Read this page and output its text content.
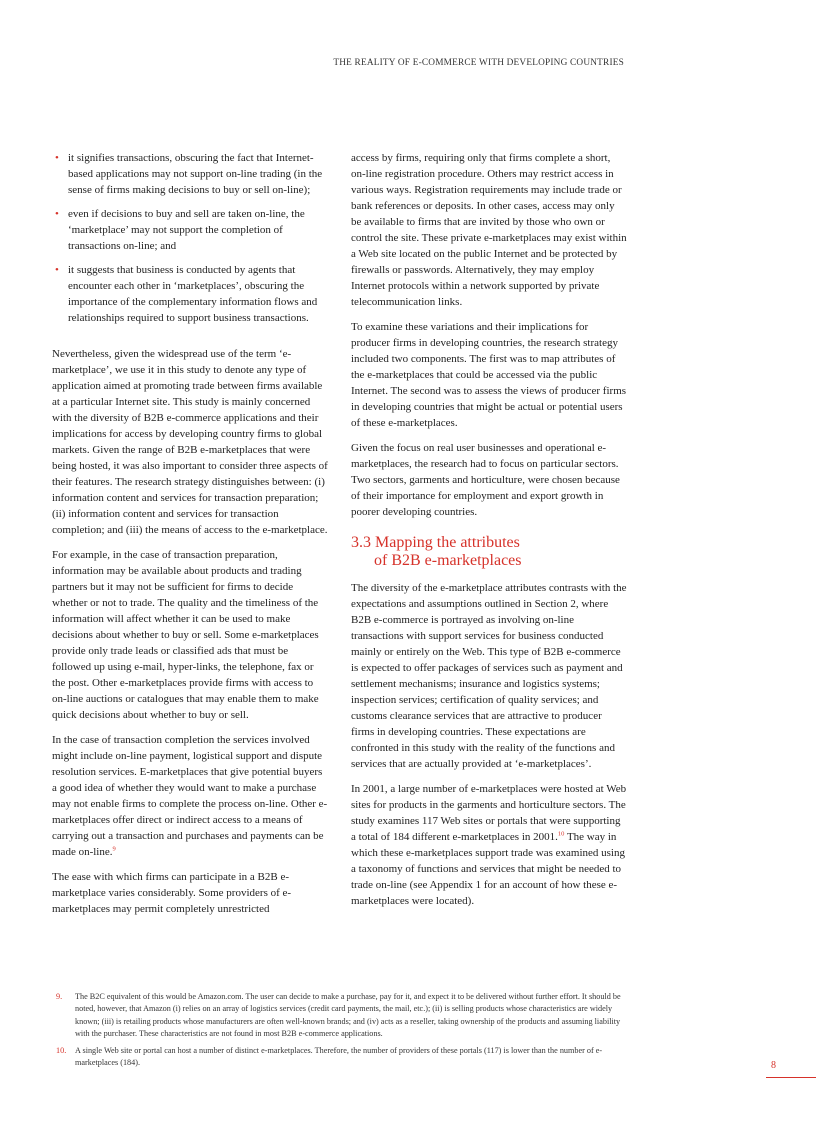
THE REALITY OF E-COMMERCE WITH DEVELOPING COUNTRIES
• it signifies transactions, obscuring the fact that Internet-based applications may not support on-line trading (in the sense of firms making decisions to buy or sell on-line);
• even if decisions to buy and sell are taken on-line, the ‘marketplace’ may not support the completion of transactions on-line; and
• it suggests that business is conducted by agents that encounter each other in ‘marketplaces’, obscuring the importance of the complementary information flows and relationships required to support business transactions.

Nevertheless, given the widespread use of the term ‘e-marketplace’, we use it in this study to denote any type of application aimed at promoting trade between firms available at a particular Internet site. This study is mainly concerned with the diversity of B2B e-commerce applications and their implications for access by developing country firms to global markets. Given the range of B2B e-marketplaces that were being hosted, it was also important to consider three aspects of their features. The research strategy distinguishes between: (i) information content and services for transaction preparation; (ii) information content and services for transaction completion; and (iii) the means of access to the e-marketplace.

For example, in the case of transaction preparation, information may be available about products and trading partners but it may not be sufficient for firms to decide whether or not to trade. The quality and the timeliness of the information will affect whether it can be used to make decisions about whether to buy or sell. Some e-marketplaces provide only trade leads or classified ads that must be followed up using e-mail, hyper-links, the telephone, fax or the post. Other e-marketplaces provide firms with access to on-line auctions or catalogues that may enable them to make quick decisions about whether to buy or sell.

In the case of transaction completion the services involved might include on-line payment, logistical support and dispute resolution services. E-marketplaces that give potential buyers a good idea of whether they would want to make a purchase may not enable firms to complete the process on-line. Other e-marketplaces offer direct or indirect access to a means of carrying out a transaction and purchases and payments can be made on-line.$^9$

The ease with which firms can participate in a B2B e-marketplace varies considerably. Some providers of e-marketplaces may permit completely unrestricted

access by firms, requiring only that firms complete a short, on-line registration procedure. Others may restrict access in various ways. Registration requirements may include trade or bank references or deposits. In other cases, access may only be available to firms that are invited by those who own or control the site. These private e-marketplaces may exist within a Web site located on the public Internet and be protected by firewalls or passwords. Alternatively, they may employ Internet protocols within a network supported by private telecommunication links.

To examine these variations and their implications for producer firms in developing countries, the research strategy included two components. The first was to map attributes of the e-marketplaces that could be accessed via the public Internet. The second was to assess the views of producer firms in developing countries that might be actual or potential users of these e-marketplaces.

Given the focus on real user businesses and operational e-marketplaces, the research had to focus on particular sectors. Two sectors, garments and horticulture, were chosen because of their importance for employment and export growth in poorer developing countries.

3.3 Mapping the attributes
of B2B e-marketplaces

The diversity of the e-marketplace attributes contrasts with the expectations and assumptions outlined in Section 2, where B2B e-commerce is portrayed as involving on-line transactions with support services for business conducted mainly or entirely on the Web. This type of B2B e-commerce is expected to offer packages of services such as payment and settlement mechanisms; insurance and logistics systems; inspection services; certification of quality services; and customs clearance services that are attractive to producer firms in developing countries. These expectations are confronted in this study with the reality of the functions and services that are actually provided at ‘e-marketplaces’.

In 2001, a large number of e-marketplaces were hosted at Web sites for products in the garments and horticulture sectors. The study examines 117 Web sites or portals that were supporting a total of 184 different e-marketplaces in 2001.10 The way in which these e-marketplaces support trade was examined using a taxonomy of functions and services that might be needed to trade on-line (see Appendix 1 for an account of how these e-marketplaces were located).

9. The B2C equivalent of this would be Amazon.com. The user can decide to make a purchase, pay for it, and expect it to be delivered without further effort. It should be noted, however, that Amazon (i) relies on an array of logistics services (credit card payments, the mail, etc.); (ii) is selling products whose characteristics are widely known; (iii) is retailing products whose manufacturers are often well-known brands; and (iv) acts as a reseller, taking ownership of the products and assuming liability with the purchaser. These characteristics are not found in most B2B e-commerce applications.
10. A single Web site or portal can host a number of distinct e-marketplaces. Therefore, the number of providers of these portals (117) is lower than the number of e-marketplaces (184).	8
